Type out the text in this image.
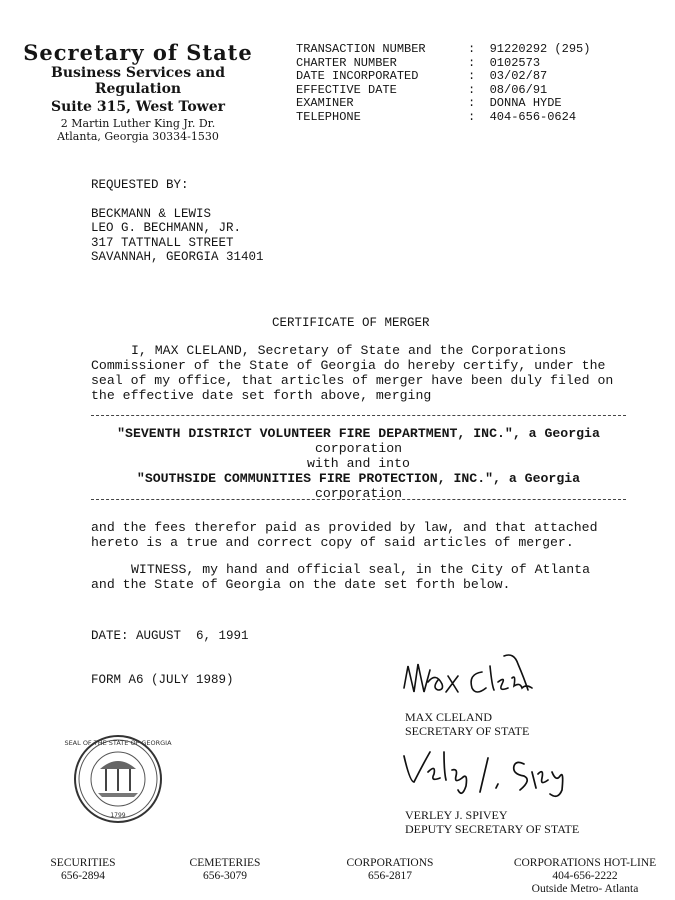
Secretary of State
Business Services and Regulation
Suite 315, West Tower
2 Martin Luther King Jr. Dr.
Atlanta, Georgia 30334-1530
TRANSACTION NUMBER	:  91220292 (295)
CHARTER NUMBER	:  0102573
DATE INCORPORATED	:  03/02/87
EFFECTIVE DATE	:  08/06/91
EXAMINER	:  DONNA HYDE
TELEPHONE	:  404-656-0624
REQUESTED BY:
BECKMANN & LEWIS
LEO G. BECHMANN, JR.
317 TATTNALL STREET
SAVANNAH, GEORGIA 31401
CERTIFICATE OF MERGER
I, MAX CLELAND, Secretary of State and the Corporations
Commissioner of the State of Georgia do hereby certify, under the
seal of my office, that articles of merger have been duly filed on
the effective date set forth above, merging
"SEVENTH DISTRICT VOLUNTEER FIRE DEPARTMENT, INC.", a Georgia
corporation
with and into
"SOUTHSIDE COMMUNITIES FIRE PROTECTION, INC.", a Georgia
corporation
and the fees therefor paid as provided by law, and that attached
hereto is a true and correct copy of said articles of merger.
WITNESS, my hand and official seal, in the City of Atlanta
and the State of Georgia on the date set forth below.

DATE: AUGUST  6, 1991

FORM A6 (JULY 1989)

MAX CLELAND
SECRETARY OF STATE
SEAL OF THE STATE OF GEORGIA
1799	VERLEY J. SPIVEY
DEPUTY SECRETARY OF STATE
SECURITIES
656-2894
CEMETERIES
656-3079
CORPORATIONS
656-2817
CORPORATIONS HOT-LINE
404-656-2222
Outside Metro- Atlanta
